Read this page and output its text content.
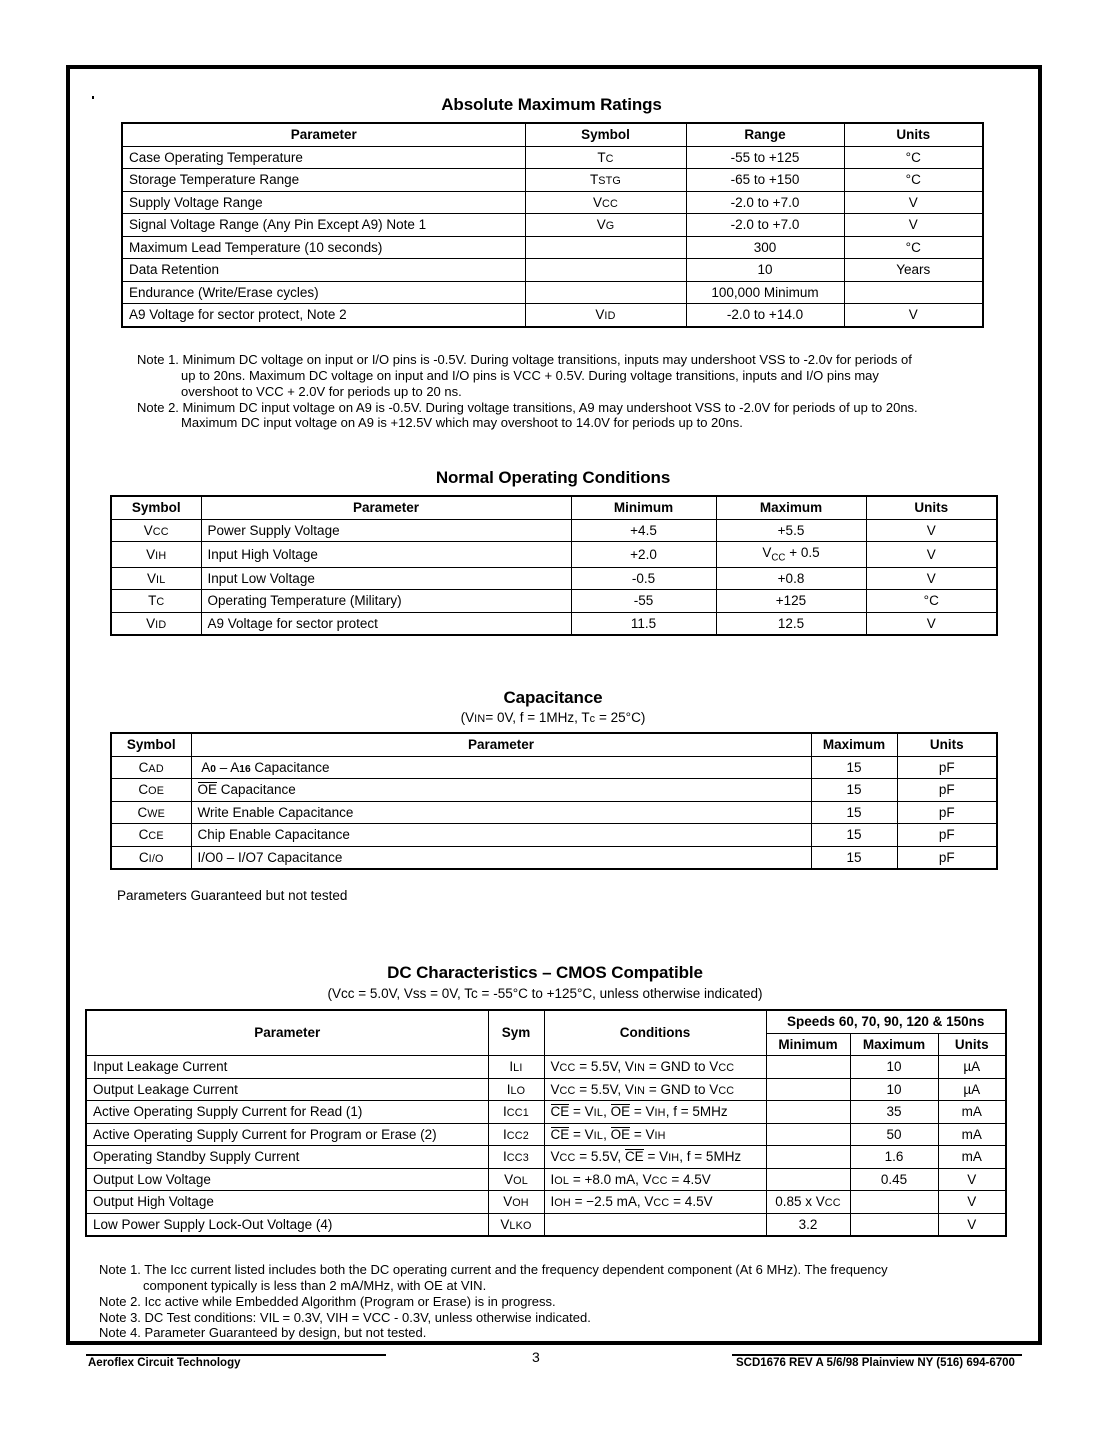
Absolute Maximum Ratings
Parameter	Symbol	Range	Units
Case Operating Temperature	TC	-55 to +125	°C
Storage Temperature Range	TSTG	-65 to +150	°C
Supply Voltage Range	VCC	-2.0 to +7.0	V
Signal Voltage Range (Any Pin Except A9) Note 1	VG	-2.0 to +7.0	V
Maximum Lead Temperature (10 seconds)		300	°C
Data Retention		10	Years
Endurance (Write/Erase cycles)		100,000 Minimum	
A9 Voltage for sector protect, Note 2	VID	-2.0 to +14.0	V
Note 1. Minimum DC voltage on input or I/O pins is -0.5V. During voltage transitions, inputs may undershoot VSS to -2.0v for periods of
up to 20ns. Maximum DC voltage on input and I/O pins is VCC + 0.5V. During voltage transitions, inputs and I/O pins may
overshoot to VCC + 2.0V for periods up to 20 ns.
Note 2. Minimum DC input voltage on A9 is -0.5V. During voltage transitions, A9 may undershoot VSS to -2.0V for periods of up to 20ns.
Maximum DC input voltage on A9 is +12.5V which may overshoot to 14.0V for periods up to 20ns.
Normal Operating Conditions
Symbol	Parameter	Minimum	Maximum	Units
VCC	Power Supply Voltage	+4.5	+5.5	V
VIH	Input High Voltage	+2.0	$V_{CC} + 0.5$	V
VIL	Input Low Voltage	-0.5	+0.8	V
TC	Operating Temperature (Military)	-55	+125	°C
VID	A9 Voltage for sector protect	11.5	12.5	V
Capacitance
(VIN= 0V, f = 1MHz, Tc = 25°C)
Symbol	Parameter	Maximum	Units
CAD	A0 – A16 Capacitance	15	pF
COE	OE Capacitance	15	pF
CWE	Write Enable Capacitance	15	pF
CCE	Chip Enable Capacitance	15	pF
CI/O	I/O0 – I/O7 Capacitance	15	pF
Parameters Guaranteed but not tested
DC Characteristics – CMOS Compatible
(Vcc = 5.0V, Vss = 0V, Tc = -55°C to +125°C, unless otherwise indicated)
Parameter	Sym	Conditions	Speeds 60, 70, 90, 120 & 150ns		
			Minimum	Maximum	Units
Input Leakage Current	ILI	VCC = 5.5V, VIN = GND to VCC		10	µA
Output Leakage Current	ILO	VCC = 5.5V, VIN = GND to VCC		10	µA
Active Operating Supply Current for Read (1)	ICC1	CE = VIL, OE = VIH, f = 5MHz		35	mA
Active Operating Supply Current for Program or Erase (2)	ICC2	CE = VIL, OE = VIH		50	mA
Operating Standby Supply Current	ICC3	VCC = 5.5V, CE = VIH, f = 5MHz		1.6	mA
Output Low Voltage	VOL	IOL = +8.0 mA, VCC = 4.5V		0.45	V
Output High Voltage	VOH	IOH = −2.5 mA, VCC = 4.5V	0.85 x VCC		V
Low Power Supply Lock-Out Voltage (4)	VLKO		3.2		V
Note 1. The Icc current listed includes both the DC operating current and the frequency dependent component (At 6 MHz). The frequency
component typically is less than 2 mA/MHz, with OE at VIN.
Note 2. Icc active while Embedded Algorithm (Program or Erase) is in progress.
Note 3. DC Test conditions: VIL = 0.3V, VIH = VCC - 0.3V, unless otherwise indicated.
Note 4. Parameter Guaranteed by design, but not tested.
Aeroflex Circuit Technology	3	SCD1676 REV A 5/6/98 Plainview NY (516) 694-6700
